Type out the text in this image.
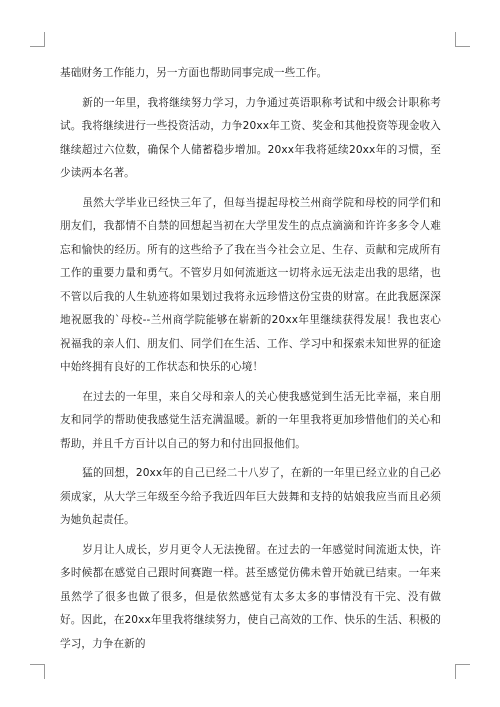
基础财务工作能力，另一方面也帮助同事完成一些工作。

新的一年里，我将继续努力学习，力争通过英语职称考试和中级会计职称考试。我将继续进行一些投资活动，力争20xx年工资、奖金和其他投资等现金收入继续超过六位数，确保个人储蓄稳步增加。20xx年我将延续20xx年的习惯，至少读两本名著。

虽然大学毕业已经快三年了，但每当提起母校兰州商学院和母校的同学们和朋友们，我都情不自禁的回想起当初在大学里发生的点点滴滴和许许多多令人难忘和愉快的经历。所有的这些给予了我在当今社会立足、生存、贡献和完成所有工作的重要力量和勇气。不管岁月如何流逝这一切将永远无法走出我的思绪，也不管以后我的人生轨迹将如果划过我将永远珍惜这份宝贵的财富。在此我愿深深地祝愿我的`母校--兰州商学院能够在崭新的20xx年里继续获得发展！我也衷心祝福我的亲人们、朋友们、同学们在生活、工作、学习中和探索未知世界的征途中始终拥有良好的工作状态和快乐的心境！

在过去的一年里，来自父母和亲人的关心使我感觉到生活无比幸福，来自朋友和同学的帮助使我感觉生活充满温暖。新的一年里我将更加珍惜他们的关心和帮助，并且千方百计以自己的努力和付出回报他们。

猛的回想，20xx年的自己已经二十八岁了，在新的一年里已经立业的自己必须成家，从大学三年级至今给予我近四年巨大鼓舞和支持的姑娘我应当而且必须为她负起责任。

岁月让人成长，岁月更令人无法挽留。在过去的一年感觉时间流逝太快，许多时候都在感觉自己跟时间赛跑一样。甚至感觉仿佛未曾开始就已结束。一年来虽然学了很多也做了很多，但是依然感觉有太多太多的事情没有干完、没有做好。因此，在20xx年里我将继续努力，使自己高效的工作、快乐的生活、积极的学习，力争在新的
